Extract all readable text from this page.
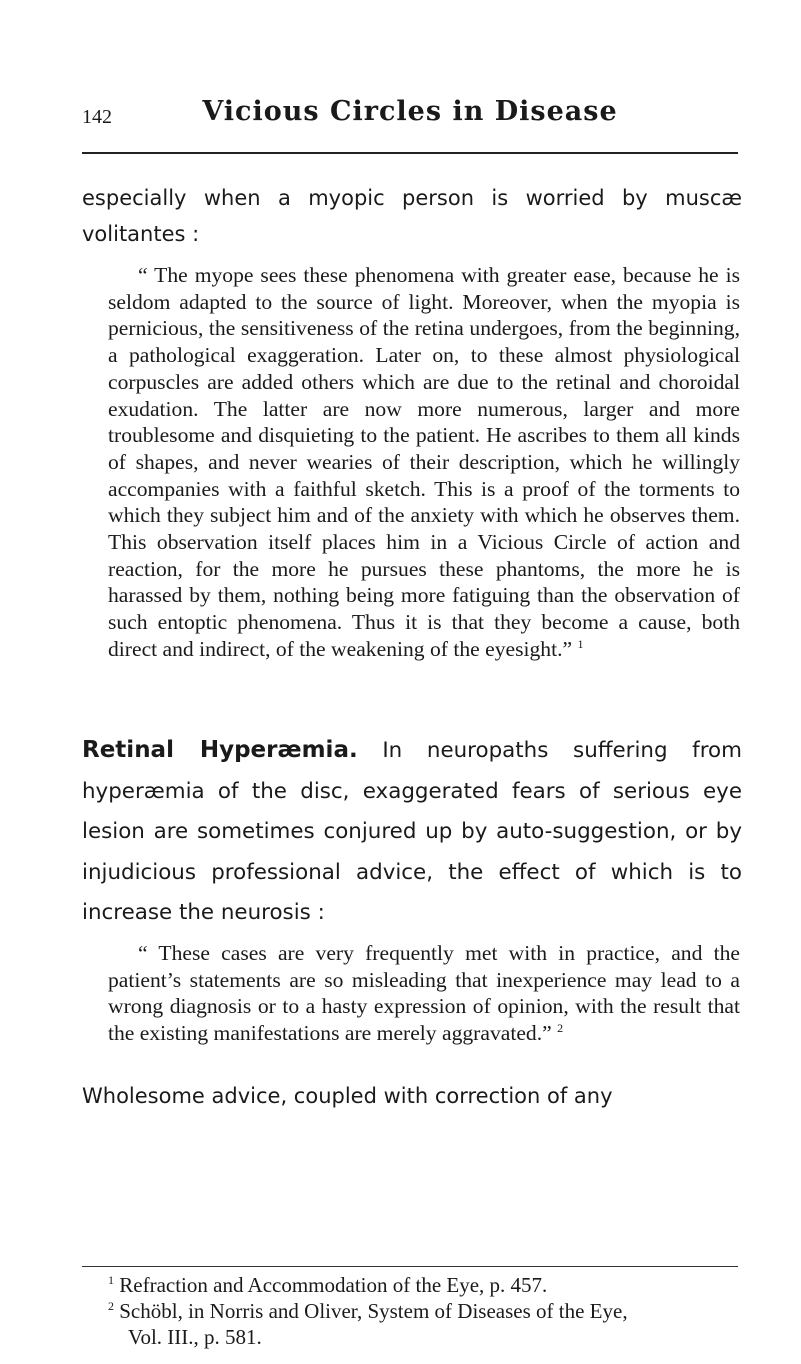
142	Vicious Circles in Disease

especially when a myopic person is worried by muscæ volitantes :

“ The myope sees these phenomena with greater ease, because he is seldom adapted to the source of light. Moreover, when the myopia is pernicious, the sensitiveness of the retina undergoes, from the beginning, a pathological exaggeration. Later on, to these almost physiological corpuscles are added others which are due to the retinal and choroidal exudation. The latter are now more numerous, larger and more troublesome and disquieting to the patient. He ascribes to them all kinds of shapes, and never wearies of their description, which he willingly accompanies with a faithful sketch. This is a proof of the torments to which they subject him and of the anxiety with which he observes them. This observation itself places him in a Vicious Circle of action and reaction, for the more he pursues these phantoms, the more he is harassed by them, nothing being more fatiguing than the observation of such entoptic phenomena. Thus it is that they become a cause, both direct and indirect, of the weakening of the eyesight.” $^1$

Retinal Hyperæmia. In neuropaths suffering from hyperæmia of the disc, exaggerated fears of serious eye lesion are sometimes conjured up by auto-suggestion, or by injudicious professional advice, the effect of which is to increase the neurosis :

“ These cases are very frequently met with in practice, and the patient’s statements are so misleading that inexperience may lead to a wrong diagnosis or to a hasty expression of opinion, with the result that the existing manifestations are merely aggravated.” $^2$

Wholesome advice, coupled with correction of any

$^1$ Refraction and Accommodation of the Eye, p. 457.

$^2$ Schöbl, in Norris and Oliver, System of Diseases of the Eye,

Vol. III., p. 581.
